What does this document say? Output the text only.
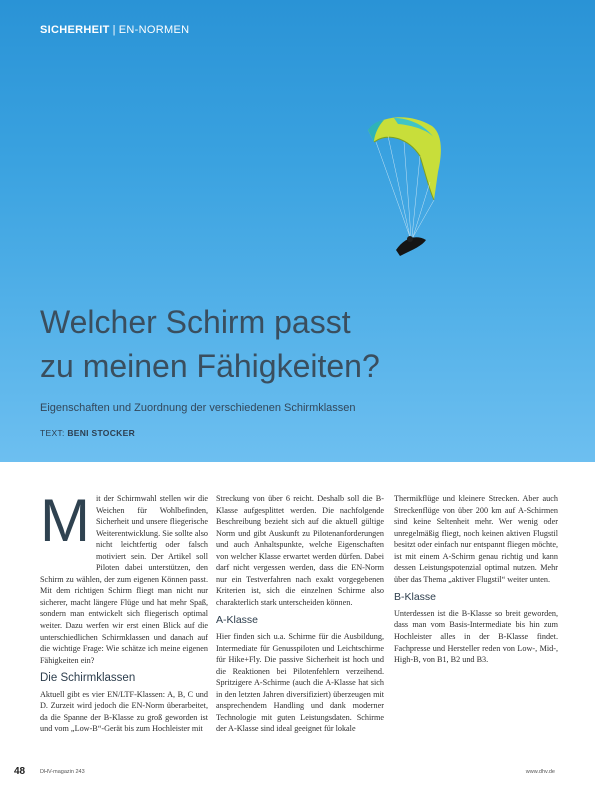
SICHERHEIT | EN-NORMEN
Welcher Schirm passt
zu meinen Fähigkeiten?
Eigenschaften und Zuordnung der verschiedenen Schirmklassen
TEXT: BENI STOCKER

Mit der Schirmwahl stellen wir die Weichen für Wohlbefinden, Sicherheit und unsere fliegerische Weiterentwicklung. Sie sollte also nicht leichtfertig oder falsch motiviert sein. Der Artikel soll Piloten dabei unterstützen, den Schirm zu wählen, der zum eigenen Können passt. Mit dem richtigen Schirm fliegt man nicht nur sicherer, macht längere Flüge und hat mehr Spaß, sondern man entwickelt sich fliegerisch optimal weiter. Dazu werfen wir erst einen Blick auf die unterschiedlichen Schirmklassen und danach auf die wichtige Frage: Wie schätze ich meine eigenen Fähigkeiten ein?

Die Schirmklassen

Aktuell gibt es vier EN/LTF-Klassen: A, B, C und D. Zurzeit wird jedoch die EN-Norm überarbeitet, da die Spanne der B-Klasse zu groß geworden ist und vom „Low-B“-Gerät bis zum Hochleister mit

Streckung von über 6 reicht. Deshalb soll die B-Klasse aufgesplittet werden. Die nachfolgende Beschreibung bezieht sich auf die aktuell gültige Norm und gibt Auskunft zu Pilotenanforderungen und auch Anhaltspunkte, welche Eigenschaften von welcher Klasse erwartet werden dürfen. Dabei darf nicht vergessen werden, dass die EN-Norm nur ein Testverfahren nach exakt vorgegebenen Kriterien ist, sich die einzelnen Schirme also charakterlich stark unterscheiden können.

A-Klasse

Hier finden sich u.a. Schirme für die Ausbildung, Intermediate für Genusspiloten und Leichtschirme für Hike+Fly. Die passive Sicherheit ist hoch und die Reaktionen bei Pilotenfehlern verzeihend. Spritzigere A-Schirme (auch die A-Klasse hat sich in den letzten Jahren diversifiziert) überzeugen mit ansprechendem Handling und dank moderner Technologie mit guten Leistungsdaten. Schirme der A-Klasse sind ideal geeignet für lokale

Thermikflüge und kleinere Strecken. Aber auch Streckenflüge von über 200 km auf A-Schirmen sind keine Seltenheit mehr. Wer wenig oder unregelmäßig fliegt, noch keinen aktiven Flugstil besitzt oder einfach nur entspannt fliegen möchte, ist mit einem A-Schirm genau richtig und kann dessen Leistungspotenzial optimal nutzen. Mehr über das Thema „aktiver Flugstil“ weiter unten.

B-Klasse

Unterdessen ist die B-Klasse so breit geworden, dass man vom Basis-Intermediate bis hin zum Hochleister alles in der B-Klasse findet. Fachpresse und Hersteller reden von Low-, Mid-, High-B, von B1, B2 und B3.

48	DHV-magazin 243	www.dhv.de
